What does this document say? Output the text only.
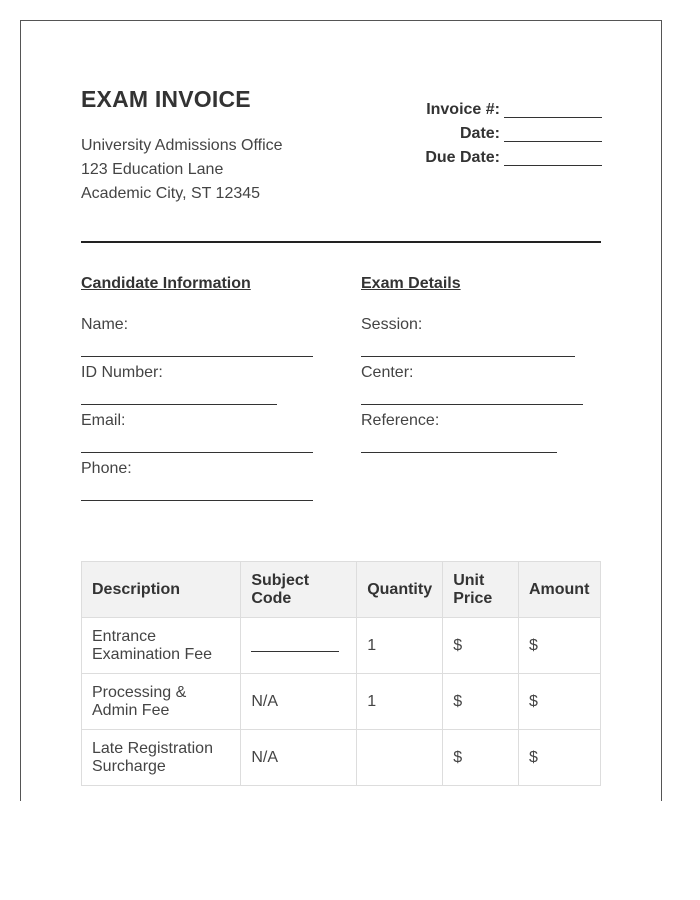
EXAM INVOICE
University Admissions Office
123 Education Lane
Academic City, ST 12345
Invoice #:
Date:
Due Date:
Candidate Information
Name:
ID Number:
Email:
Phone:
Exam Details
Session:
Center:
Reference:
Description	Subject Code	Quantity	Unit Price	Amount
Entrance Examination Fee		1	$	$
Processing & Admin Fee	N/A	1	$	$
Late Registration Surcharge	N/A		$	$
